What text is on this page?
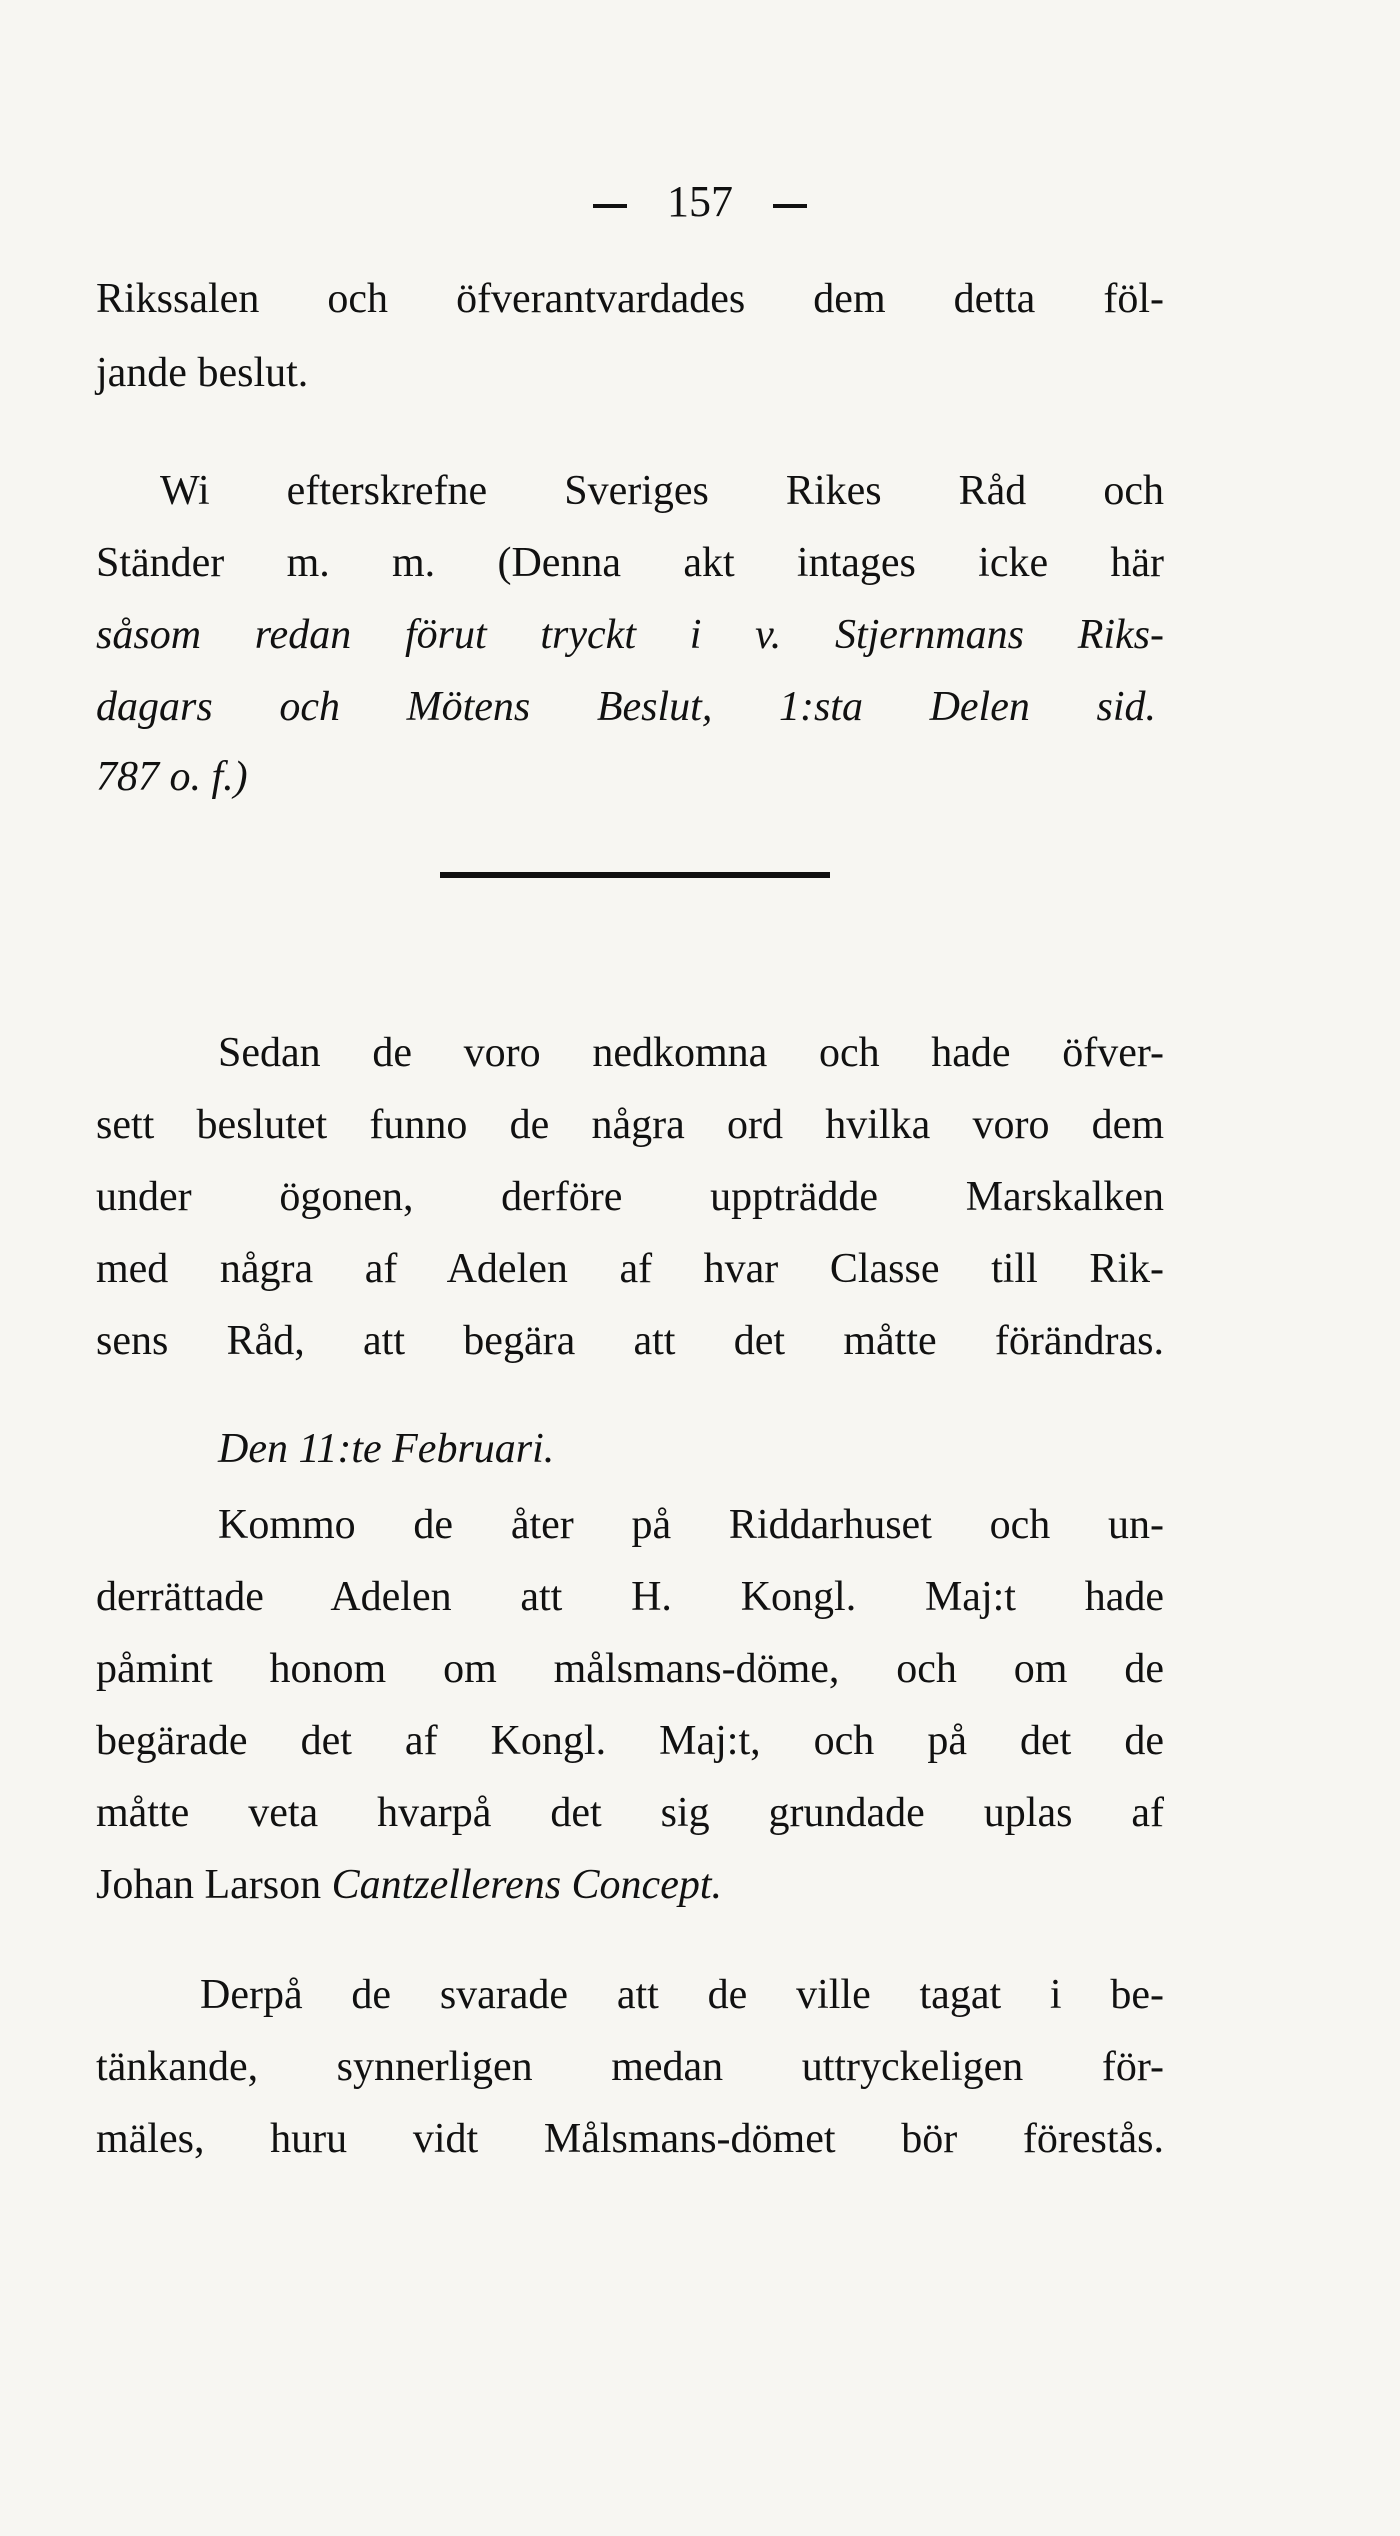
157
Rikssalen och öfverantvardades dem detta föl-
jande beslut.
Wi efterskrefne Sveriges Rikes Råd och
Ständer m. m. (Denna akt intages icke här
såsom redan förut tryckt i v. Stjernmans Riks-
dagars och Mötens Beslut, 1:sta Delen sid.
787 o. f.)
Sedan de voro nedkomna och hade öfver-
sett beslutet funno de några ord hvilka voro dem
under ögonen, derföre uppträdde Marskalken
med några af Adelen af hvar Classe till Rik-
sens Råd, att begära att det måtte förändras.
Den 11:te Februari.
Kommo de åter på Riddarhuset och un-
derrättade Adelen att H. Kongl. Maj:t hade
påmint honom om målsmans-döme, och om de
begärade det af Kongl. Maj:t, och på det de
måtte veta hvarpå det sig grundade uplas af
Johan Larson Cantzellerens Concept.
Derpå de svarade att de ville tagat i be-
tänkande, synnerligen medan uttryckeligen för-
mäles, huru vidt Målsmans-dömet bör förestås.
